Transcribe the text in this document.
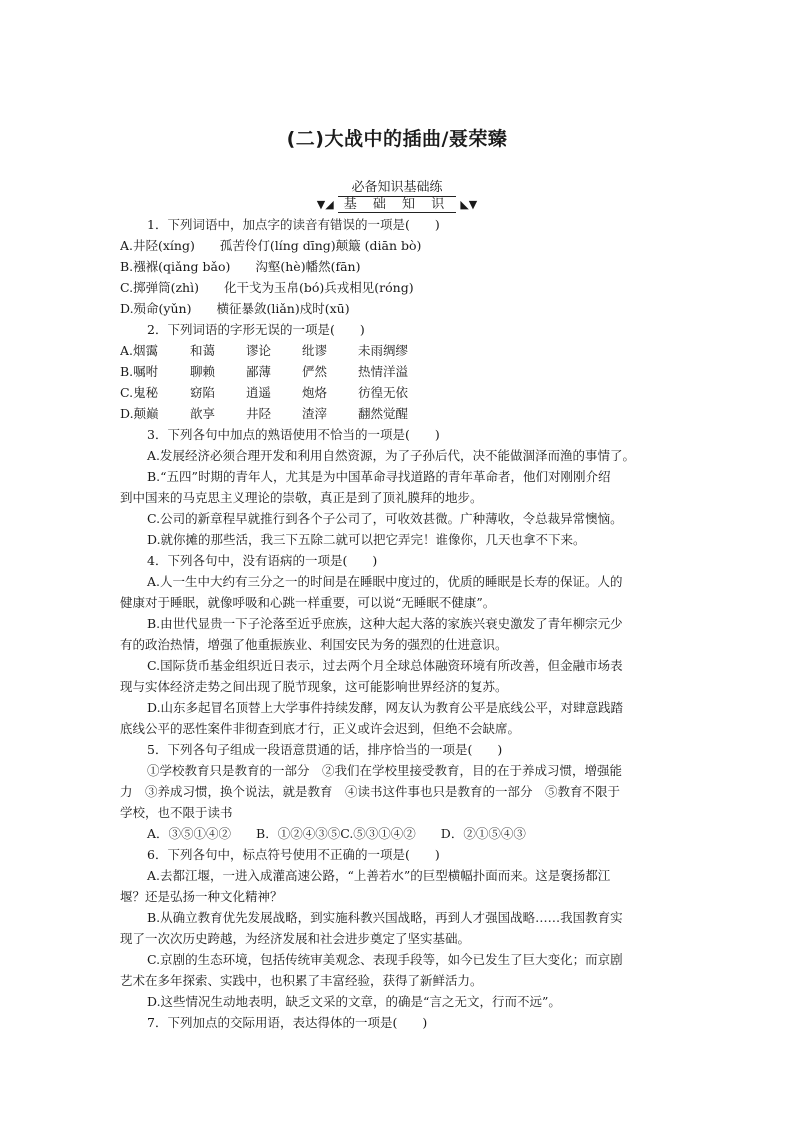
(二)大战中的插曲/聂荣臻
必备知识基础练
▼◢ 基 础 知 识 ◣▼
1．下列词语中，加点字的读音有错误的一项是(　　)
A.井陉(xíng)　　孤苦伶仃(líng dīng)颠簸 (diān bò)
B.襁褓(qiǎng bǎo)　　沟壑(hè)幡然(fān)
C.掷弹筒(zhì)　　化干戈为玉帛(bó)兵戎相见(róng)
D.殒命(yǔn)　　横征暴敛(liǎn)戍时(xū)
2．下列词语的字形无误的一项是(　　)
A.烟霭	和蔼 谬论 纰谬 未雨绸缪
B.嘱咐	聊赖 鄙薄 俨然 热情洋溢
C.鬼秘	窈陷 逍遥 炮烙 彷徨无依
D.颠巅	歆享 井陉 渣滓 翻然觉醒
3．下列各句中加点的熟语使用不恰当的一项是(　　)
A.发展经济必须合理开发和利用自然资源，为了子孙后代，决不能做涸泽而渔的事情了。
B.“五四”时期的青年人，尤其是为中国革命寻找道路的青年革命者，他们对刚刚介绍
到中国来的马克思主义理论的崇敬，真正是到了顶礼膜拜的地步。
C.公司的新章程早就推行到各个子公司了，可收效甚微。广种薄收，令总裁异常懊恼。
D.就你摊的那些活，我三下五除二就可以把它弄完！谁像你，几天也拿不下来。
4．下列各句中，没有语病的一项是(　　)
A.人一生中大约有三分之一的时间是在睡眠中度过的，优质的睡眠是长寿的保证。人的
健康对于睡眠，就像呼吸和心跳一样重要，可以说“无睡眠不健康”。
B.由世代显贵一下子沦落至近乎庶族，这种大起大落的家族兴衰史激发了青年柳宗元少
有的政治热情，增强了他重振族业、利国安民为务的强烈的仕进意识。
C.国际货币基金组织近日表示，过去两个月全球总体融资环境有所改善，但金融市场表
现与实体经济走势之间出现了脱节现象，这可能影响世界经济的复苏。
D.山东多起冒名顶替上大学事件持续发酵，网友认为教育公平是底线公平，对肆意践踏
底线公平的恶性案件非彻查到底才行，正义或许会迟到，但绝不会缺席。
5．下列各句子组成一段语意贯通的话，排序恰当的一项是(　　)
①学校教育只是教育的一部分　②我们在学校里接受教育，目的在于养成习惯，增强能
力　③养成习惯，换个说法，就是教育　④读书这件事也只是教育的一部分　⑤教育不限于
学校，也不限于读书
A．③⑤①④②　　B．①②④③⑤C.⑤③①④②　　D．②①⑤④③
6．下列各句中，标点符号使用不正确的一项是(　　)
A.去都江堰，一进入成灌高速公路，“上善若水”的巨型横幅扑面而来。这是褒扬都江
堰？还是弘扬一种文化精神？
B.从确立教育优先发展战略，到实施科教兴国战略，再到人才强国战略……我国教育实
现了一次次历史跨越，为经济发展和社会进步奠定了坚实基础。
C.京剧的生态环境，包括传统审美观念、表现手段等，如今已发生了巨大变化；而京剧
艺术在多年探索、实践中，也积累了丰富经验，获得了新鲜活力。
D.这些情况生动地表明，缺乏文采的文章，的确是“言之无文，行而不远”。
7．下列加点的交际用语，表达得体的一项是(　　)
